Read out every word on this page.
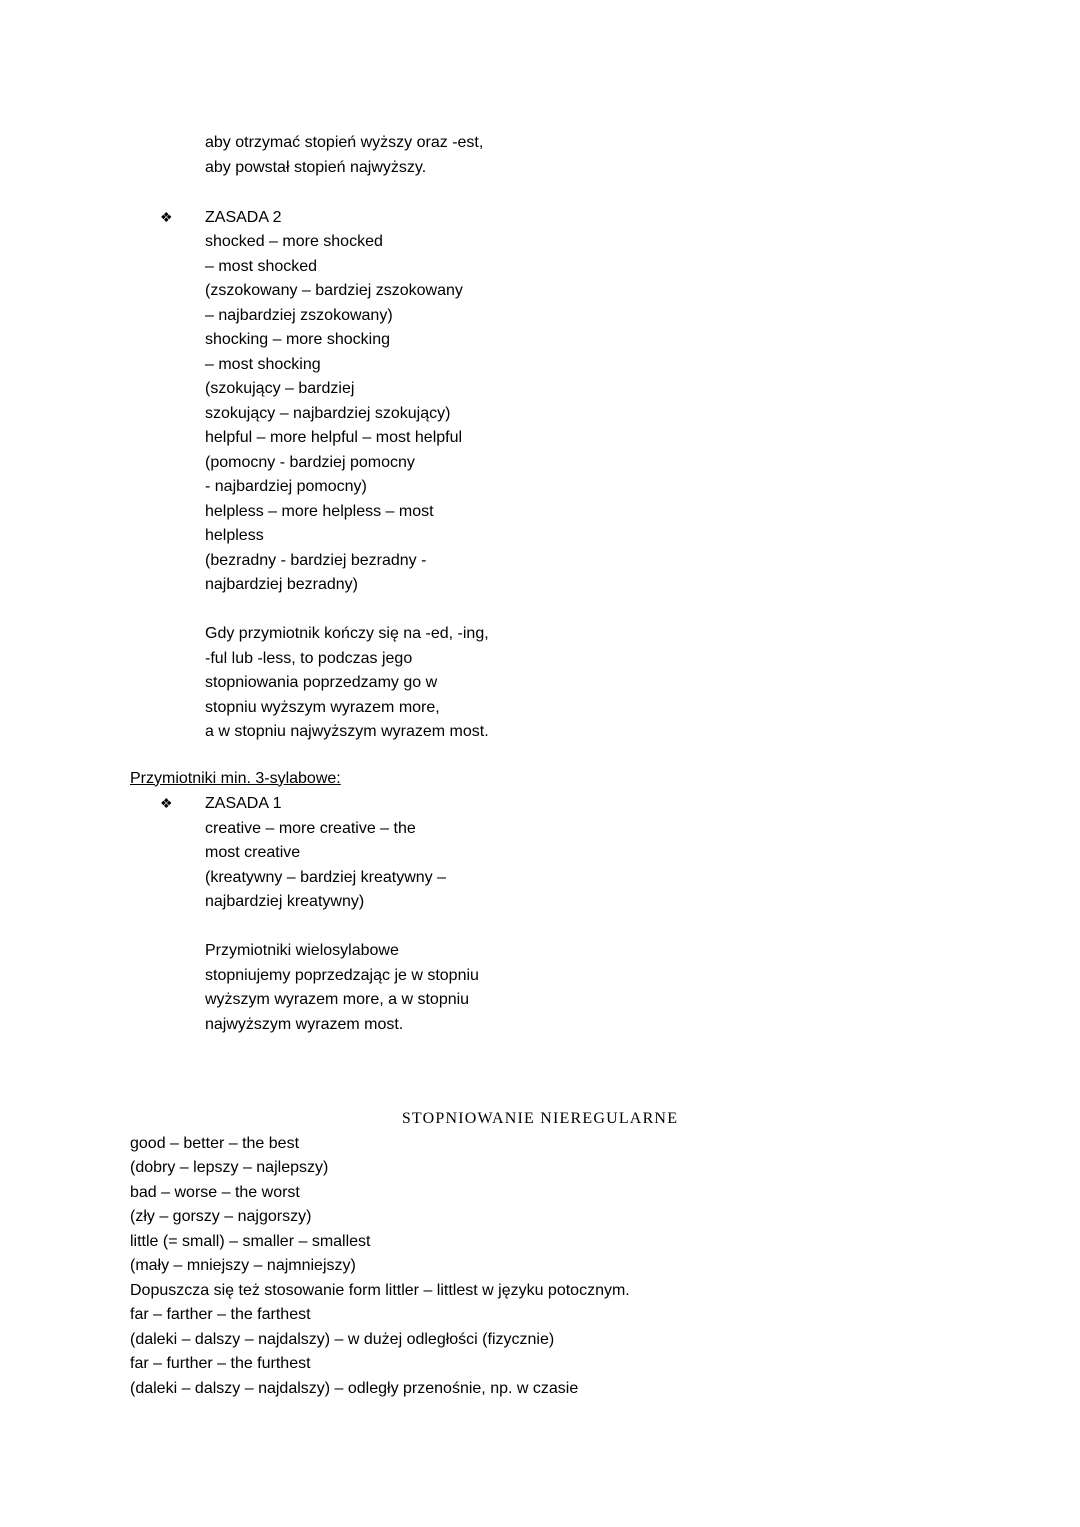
aby otrzymać stopień wyższy oraz -est,
aby powstał stopień najwyższy.
❖ ZASADA 2
shocked – more shocked
– most shocked
(zszokowany – bardziej zszokowany
– najbardziej zszokowany)
shocking – more shocking
– most shocking
(szokujący – bardziej
szokujący – najbardziej szokujący)
helpful – more helpful – most helpful
(pomocny - bardziej pomocny
- najbardziej pomocny)
helpless – more helpless – most
helpless
(bezradny - bardziej bezradny -
najbardziej bezradny)
Gdy przymiotnik kończy się na -ed, -ing,
-ful lub -less, to podczas jego
stopniowania poprzedzamy go w
stopniu wyższym wyrazem more,
a w stopniu najwyższym wyrazem most.
Przymiotniki min. 3-sylabowe:
❖ ZASADA 1
creative – more creative – the
most creative
(kreatywny – bardziej kreatywny –
najbardziej kreatywny)
Przymiotniki wielosylabowe
stopniujemy poprzedzając je w stopniu
wyższym wyrazem more, a w stopniu
najwyższym wyrazem most.
STOPNIOWANIE NIEREGULARNE
good – better – the best
(dobry – lepszy – najlepszy)
bad – worse – the worst
(zły – gorszy – najgorszy)
little (= small) – smaller – smallest
(mały – mniejszy – najmniejszy)
Dopuszcza się też stosowanie form littler – littlest w języku potocznym.
far – farther – the farthest
(daleki – dalszy – najdalszy) – w dużej odległości (fizycznie)
far – further – the furthest
(daleki – dalszy – najdalszy) – odległy przenośnie, np. w czasie
